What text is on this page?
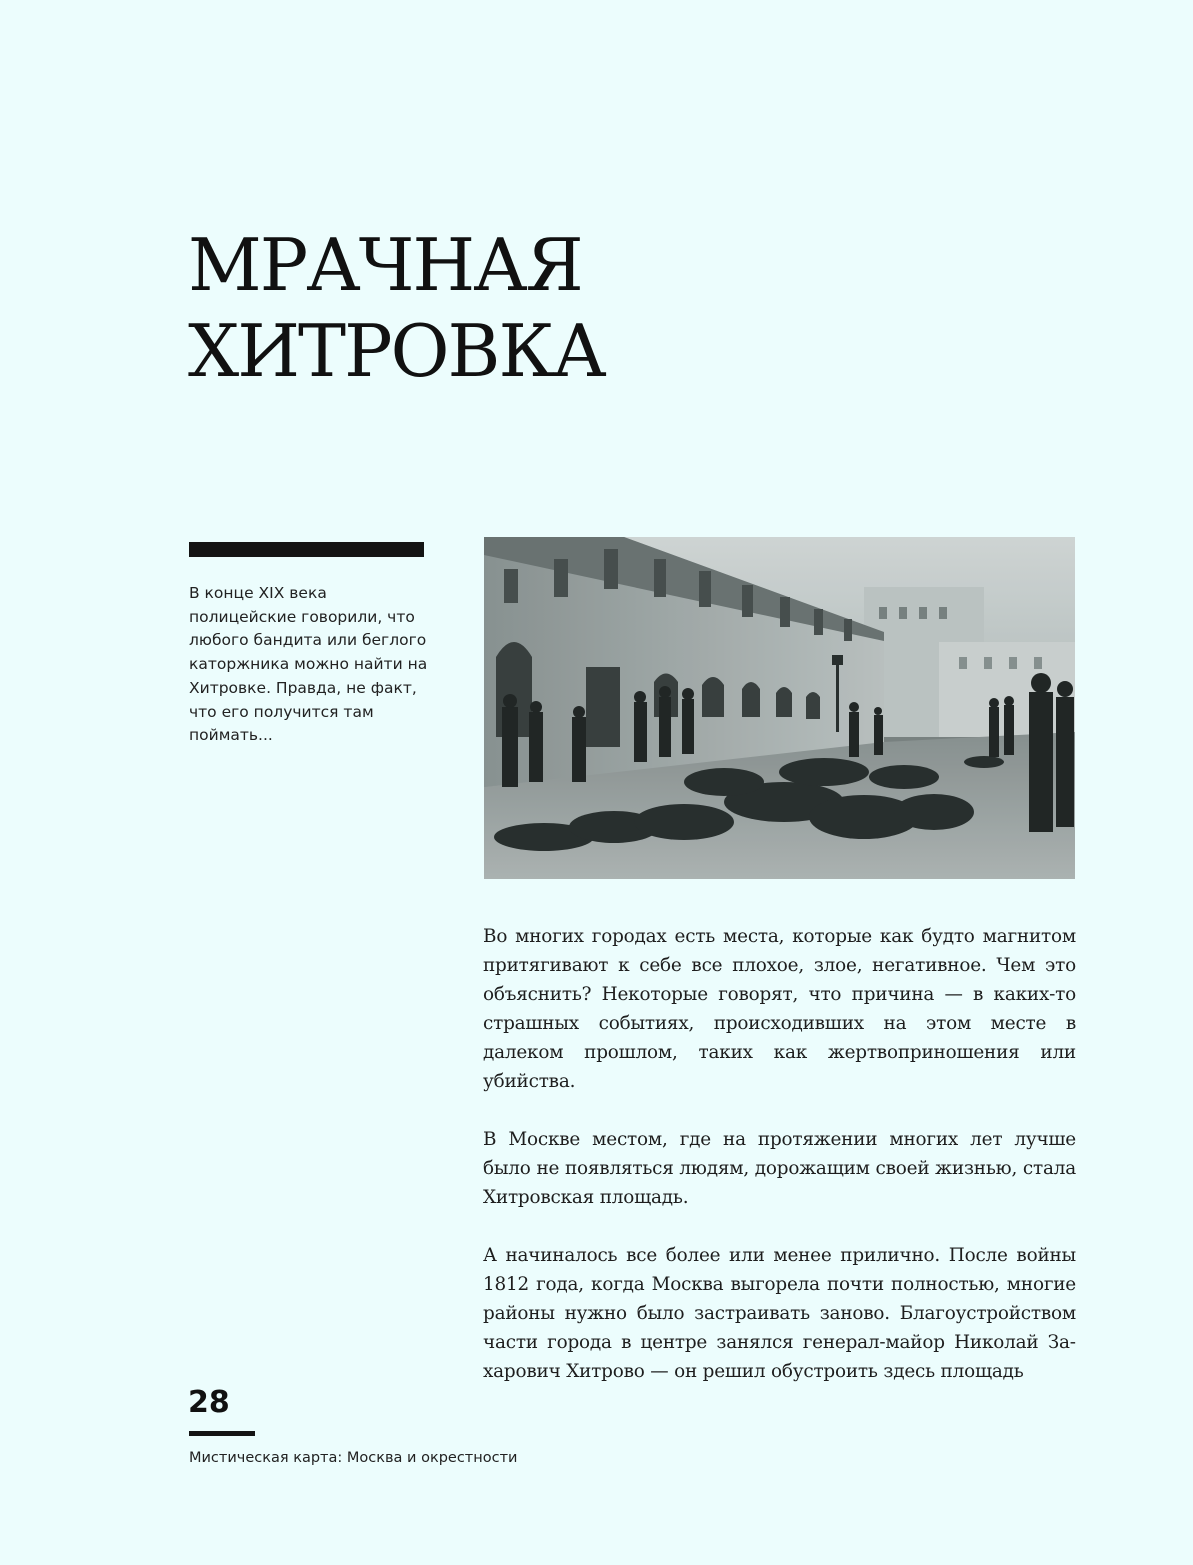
МРАЧНАЯ
ХИТРОВКА

В конце XIX века полицейские говорили, что любого бандита или беглого каторжника можно найти на Хитровке. Правда, не факт, что его получится там поймать...

Во многих городах есть места, которые как будто магнитом притягивают к себе все плохое, злое, негативное. Чем это объяснить? Некоторые говорят, что причина — в каких-то страшных событиях, происходивших на этом месте в далеком прошлом, таких как жертвоприношения или убийства.

В Москве местом, где на протяжении многих лет лучше было не появляться людям, дорожащим своей жизнью, стала Хитровская площадь.

А начиналось все более или менее прилично. После войны 1812 года, когда Москва выгорела почти полностью, многие районы нужно было застраивать заново. Благоустройством части города в центре занялся генерал-майор Николай Захарович Хитрово — он решил обустроить здесь площадь

28

Мистическая карта: Москва и окрестности
